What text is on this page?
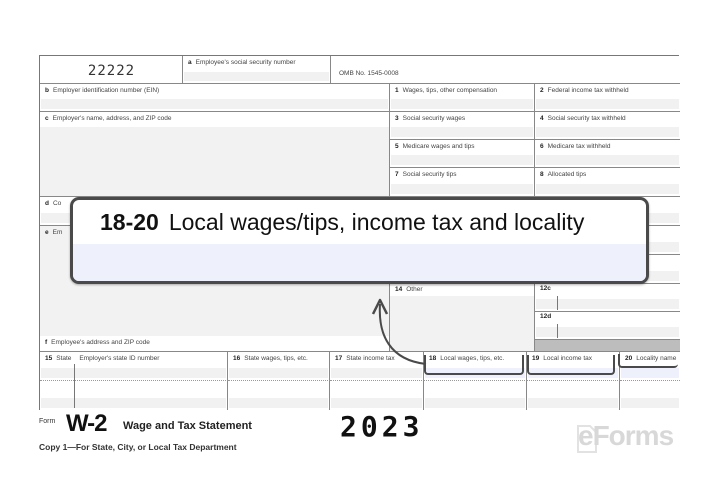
22222
a Employee's social security number
OMB No. 1545-0008
b Employer identification number (EIN)
c Employer's name, address, and ZIP code
d Co
e Em
f Employee's address and ZIP code
1 Wages, tips, other compensation	2 Federal income tax withheld
3 Social security wages	4 Social security tax withheld
5 Medicare wages and tips	6 Medicare tax withheld
7 Social security tips	8 Allocated tips
14 Other	12c
12d
15 State Employer's state ID number	16 State wages, tips, etc.	17 State income tax	18 Local wages, tips, etc.	19 Local income tax	20 Locality name
18-20 Local wages/tips, income tax and locality
Form W-2 Wage and Tax Statement	2023
Copy 1—For State, City, or Local Tax Department	eForms
